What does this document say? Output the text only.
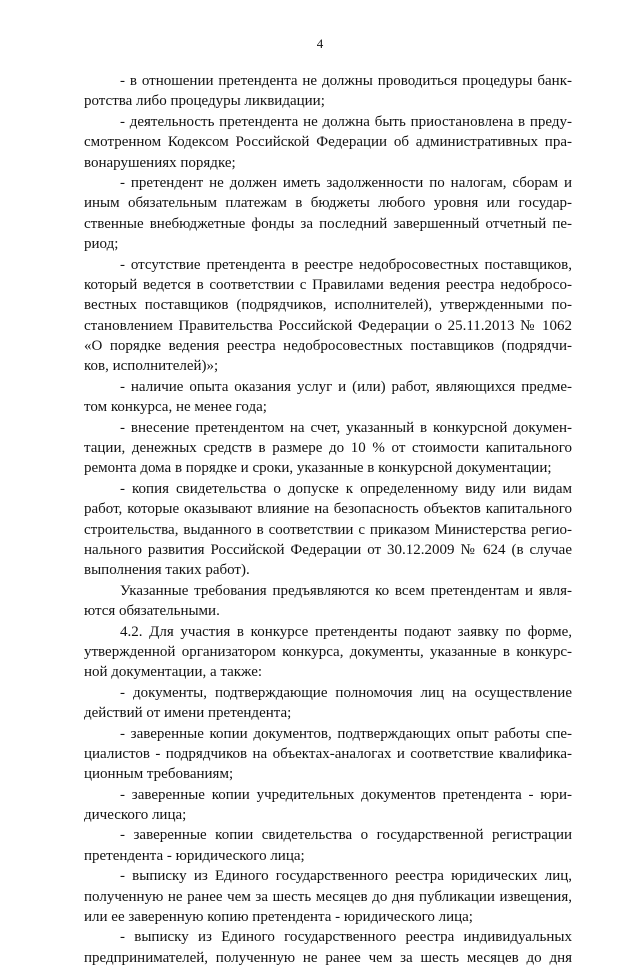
4
- в отношении претендента не должны проводиться процедуры банк-
ротства либо процедуры ликвидации;
- деятельность претендента не должна быть приостановлена в преду-
смотренном Кодексом Российской Федерации об административных пра-
вонарушениях порядке;
- претендент не должен иметь задолженности по налогам, сборам и
иным обязательным платежам в бюджеты любого уровня или государ-
ственные внебюджетные фонды за последний завершенный отчетный пе-
риод;
- отсутствие претендента в реестре недобросовестных поставщиков,
который ведется в соответствии с Правилами ведения реестра недобросо-
вестных поставщиков (подрядчиков, исполнителей), утвержденными по-
становлением Правительства Российской Федерации о 25.11.2013 № 1062
«О порядке ведения реестра недобросовестных поставщиков (подрядчи-
ков, исполнителей)»;
- наличие опыта оказания услуг и (или) работ, являющихся предме-
том конкурса, не менее года;
- внесение претендентом на счет, указанный в конкурсной докумен-
тации, денежных средств в размере до 10 % от стоимости капитального
ремонта дома в порядке и сроки, указанные в конкурсной документации;
- копия свидетельства о допуске к определенному виду или видам
работ, которые оказывают влияние на безопасность объектов капитального
строительства, выданного в соответствии с приказом Министерства регио-
нального развития Российской Федерации от 30.12.2009 № 624 (в случае
выполнения таких работ).
Указанные требования предъявляются ко всем претендентам и явля-
ются обязательными.
4.2. Для участия в конкурсе претенденты подают заявку по форме,
утвержденной организатором конкурса, документы, указанные в конкурс-
ной документации, а также:
- документы, подтверждающие полномочия лиц на осуществление
действий от имени претендента;
- заверенные копии документов, подтверждающих опыт работы спе-
циалистов - подрядчиков на объектах-аналогах и соответствие квалифика-
ционным требованиям;
- заверенные копии учредительных документов претендента - юри-
дического лица;
- заверенные копии свидетельства о государственной регистрации
претендента - юридического лица;
- выписку из Единого государственного реестра юридических лиц,
полученную не ранее чем за шесть месяцев до дня публикации извещения,
или ее заверенную копию претендента - юридического лица;
- выписку из Единого государственного реестра индивидуальных
предпринимателей, полученную не ранее чем за шесть месяцев до дня
